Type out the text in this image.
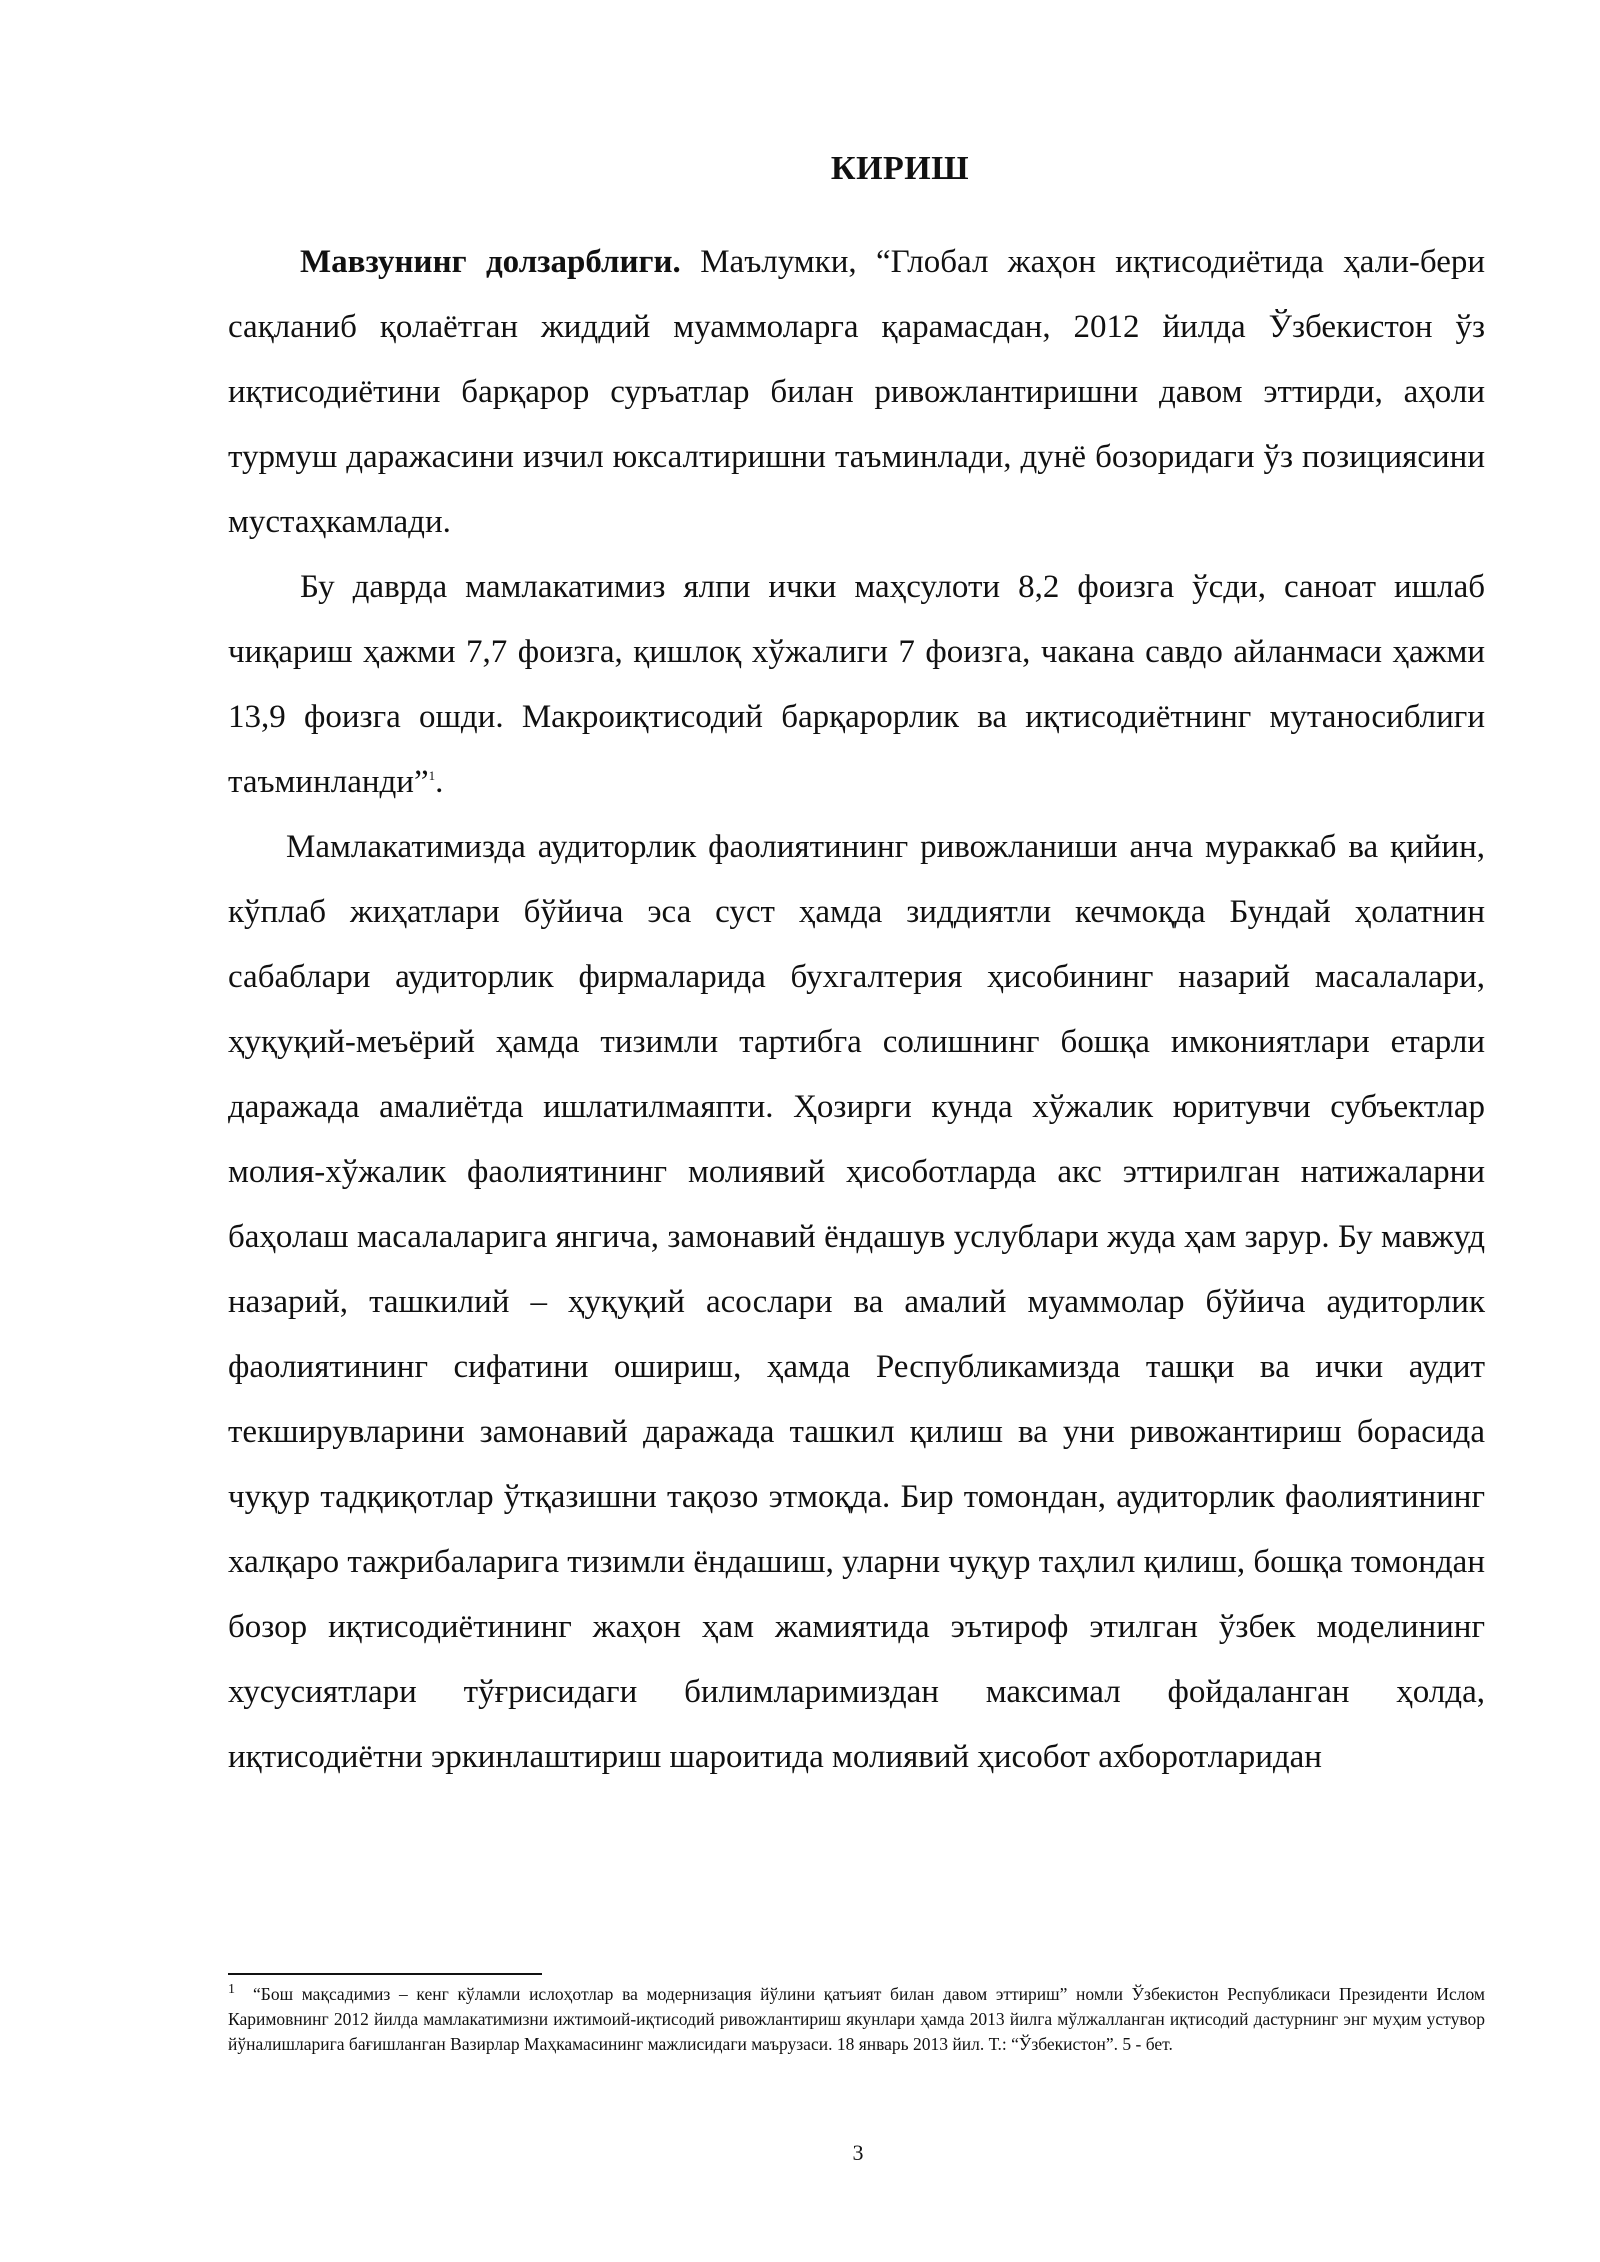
КИРИШ

Мавзунинг долзарблиги. Маълумки, “Глобал жаҳон иқтисодиётида ҳали-бери сақланиб қолаётган жиддий муаммоларга қарамасдан, 2012 йилда Ўзбекистон ўз иқтисодиётини барқарор суръатлар билан ривожлантиришни давом эттирди, аҳоли турмуш даражасини изчил юксалтиришни таъминлади, дунё бозоридаги ўз позициясини мустаҳкамлади.

Бу даврда мамлакатимиз ялпи ички маҳсулоти 8,2 фоизга ўсди, саноат ишлаб чиқариш ҳажми 7,7 фоизга, қишлоқ хўжалиги 7 фоизга, чакана савдо айланмаси ҳажми 13,9 фоизга ошди. Макроиқтисодий барқарорлик ва иқтисодиётнинг мутаносиблиги таъминланди”$^1$.

Мамлакатимизда аудиторлик фаолиятининг ривожланиши анча мураккаб ва қийин, кўплаб жиҳатлари бўйича эса суст ҳамда зиддиятли кечмоқда Бундай ҳолатнин сабаблари аудиторлик фирмаларида бухгалтерия ҳисобининг назарий масалалари, ҳуқуқий-меъёрий ҳамда тизимли тартибга солишнинг бошқа имкониятлари етарли даражада амалиётда ишлатилмаяпти. Ҳозирги кунда хўжалик юритувчи субъектлар молия-хўжалик фаолиятининг молиявий ҳисоботларда акс эттирилган натижаларни баҳолаш масалаларига янгича, замонавий ёндашув услублари жуда ҳам зарур. Бу мавжуд назарий, ташкилий – ҳуқуқий асослари ва амалий муаммолар бўйича аудиторлик фаолиятининг сифатини ошириш, ҳамда Республикамизда ташқи ва ички аудит текширувларини замонавий даражада ташкил қилиш ва уни ривожантириш борасида чуқур тадқиқотлар ўтқазишни тақозо этмоқда. Бир томондан, аудиторлик фаолиятининг халқаро тажрибаларига тизимли ёндашиш, уларни чуқур таҳлил қилиш, бошқа томондан бозор иқтисодиётининг жаҳон ҳам жамиятида эътироф этилган ўзбек моделининг хусусиятлари тўғрисидаги билимларимиздан максимал фойдаланган ҳолда, иқтисодиётни эркинлаштириш шароитида молиявий ҳисобот ахборотларидан

$^1$ “Бош мақсадимиз – кенг кўламли ислоҳотлар ва модернизация йўлини қатъият билан давом эттириш” номли Ўзбекистон Республикаси Президенти Ислом Каримовнинг 2012 йилда мамлакатимизни ижтимоий-иқтисодий ривожлантириш якунлари ҳамда 2013 йилга мўлжалланган иқтисодий дастурнинг энг муҳим устувор йўналишларига бағишланган Вазирлар Маҳкамасининг мажлисидаги маърузаси. 18 январь 2013 йил. Т.: “Ўзбекистон”. 5 - бет.
3
